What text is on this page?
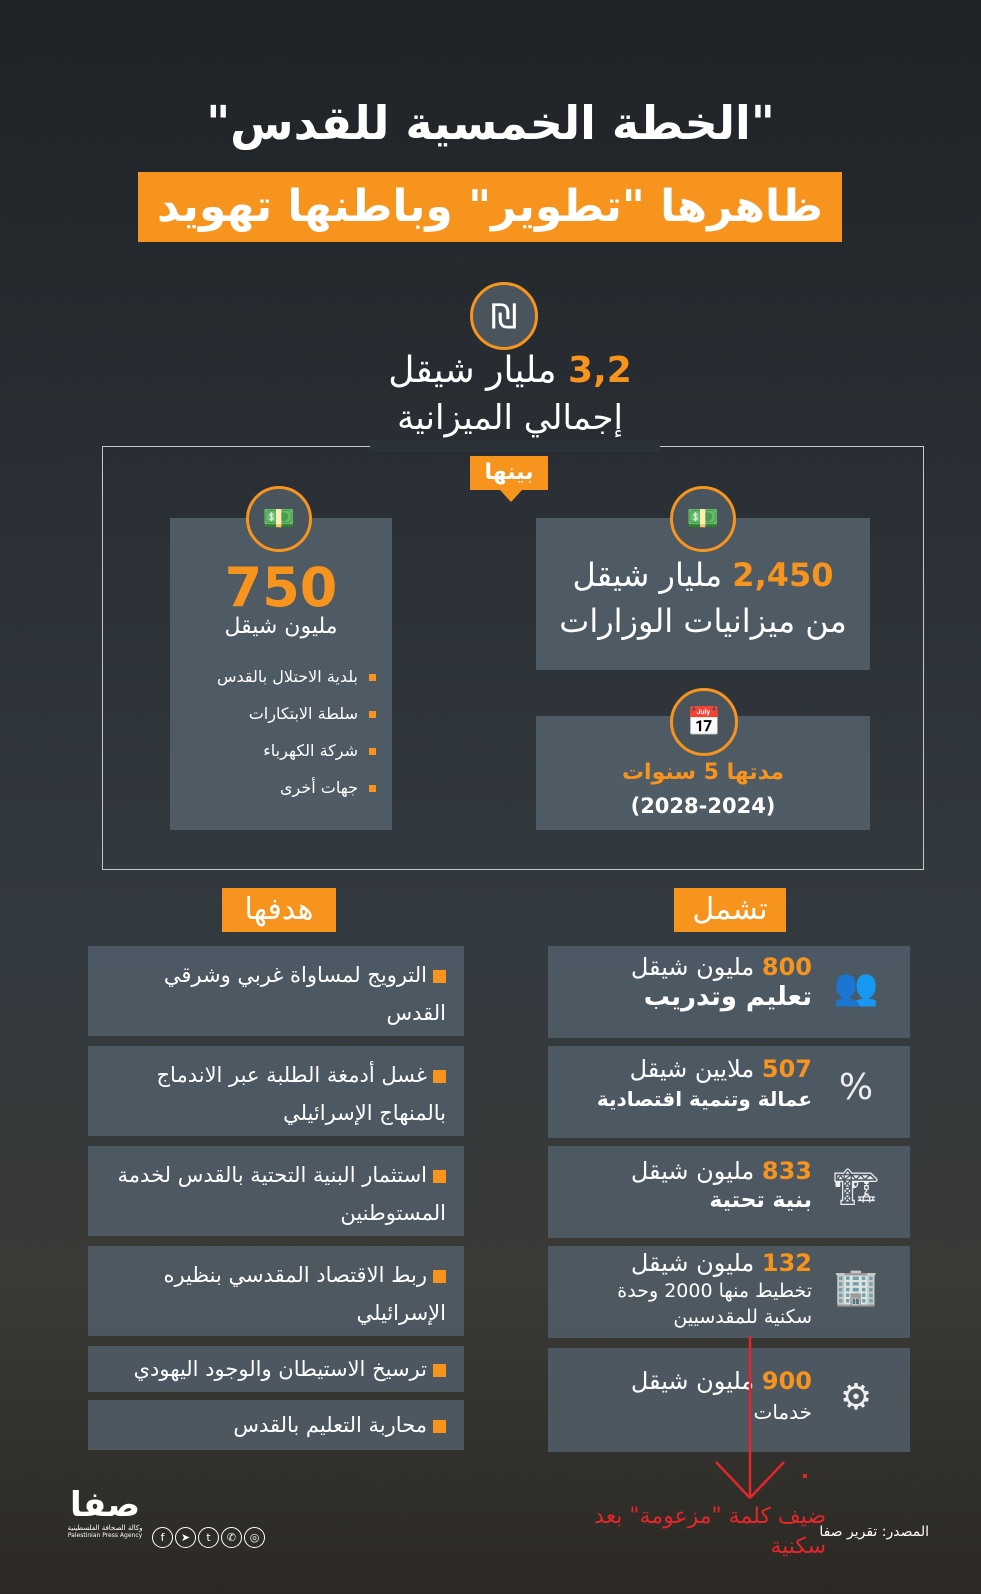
"الخطة الخمسية للقدس"
ظاهرها "تطوير" وباطنها تهويد
₪
3,2 مليار شيقل
إجمالي الميزانية
بينها
💵
750
مليون شيقل
بلدية الاحتلال بالقدس
سلطة الابتكارات
شركة الكهرباء
جهات أخرى
💵
2,450 مليار شيقل
من ميزانيات الوزارات
📅
مدتها 5 سنوات
(2028-2024)
هدفها	تشمل
الترويج لمساواة غربي وشرقي القدس
غسل أدمغة الطلبة عبر الاندماج بالمنهاج الإسرائيلي
استثمار البنية التحتية بالقدس لخدمة المستوطنين
ربط الاقتصاد المقدسي بنظيره الإسرائيلي
ترسيخ الاستيطان والوجود اليهودي
محاربة التعليم بالقدس
👥
800 مليون شيقل
تعليم وتدريب
%
507 ملايين شيقل
عمالة وتنمية اقتصادية
🏗
833 مليون شيقل
بنية تحتية
🏢
132 مليون شيقل
تخطيط منها 2000 وحدة سكنية للمقدسيين
⚙
900 مليون شيقل
خدمات
ضيف كلمة "مزعومة" بعد سكنية
صفا
وكالة الصحافة الفلسطينية
Palestinian Press Agency	f ➤ t ✆ ◎	المصدر: تقرير صفا
